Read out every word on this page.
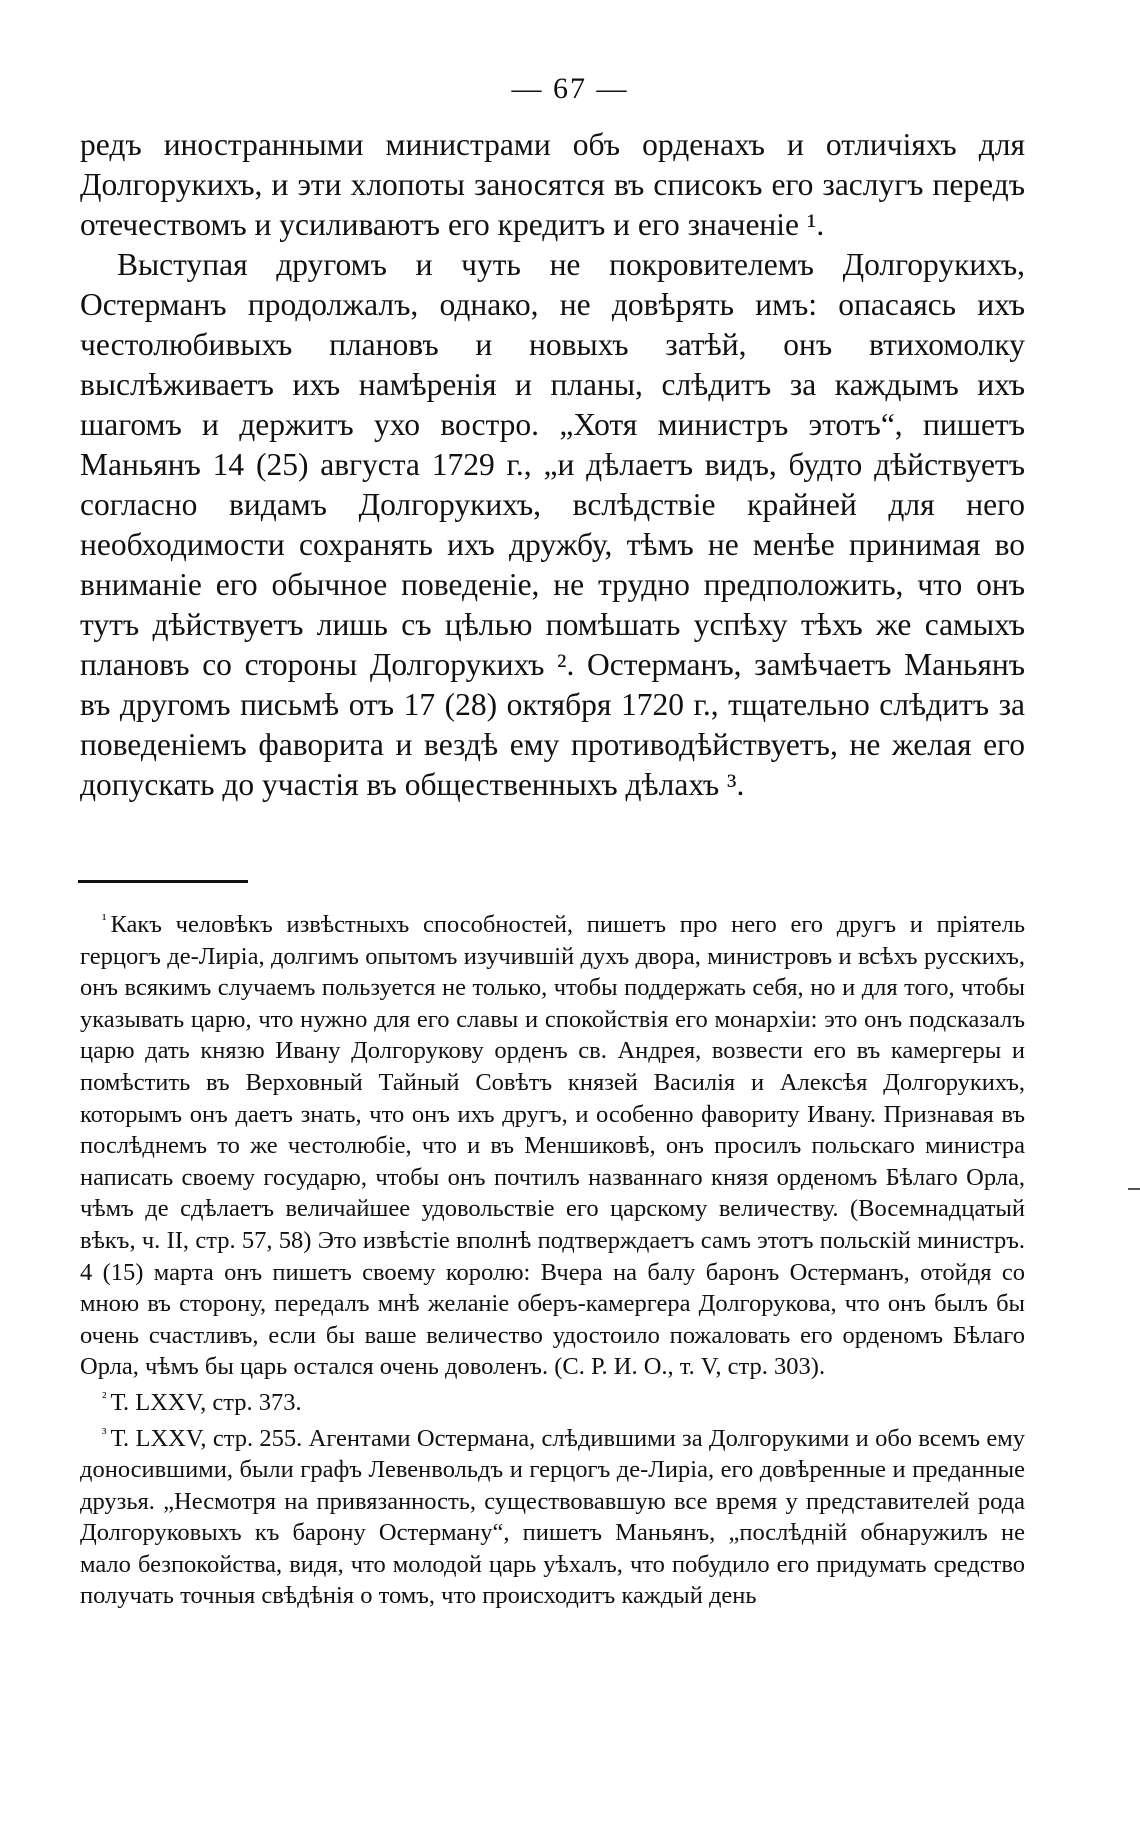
— 67 —

редъ иностранными министрами объ орденахъ и отличіяхъ для Долгорукихъ, и эти хлопоты заносятся въ списокъ его заслугъ передъ отечествомъ и усиливаютъ его кредитъ и его значеніе ¹.

Выступая другомъ и чуть не покровителемъ Долгорукихъ, Остерманъ продолжалъ, однако, не довѣрять имъ: опасаясь ихъ честолюбивыхъ плановъ и новыхъ затѣй, онъ втихомолку выслѣживаетъ ихъ намѣренія и планы, слѣдитъ за каждымъ ихъ шагомъ и держитъ ухо востро. „Хотя министръ этотъ“, пишетъ Маньянъ 14 (25) августа 1729 г., „и дѣлаетъ видъ, будто дѣйствуетъ согласно видамъ Долгорукихъ, вслѣдствіе крайней для него необходимости сохранять ихъ дружбу, тѣмъ не менѣе принимая во вниманіе его обычное поведеніе, не трудно предположить, что онъ тутъ дѣйствуетъ лишь съ цѣлью помѣшать успѣху тѣхъ же самыхъ плановъ со стороны Долгорукихъ ². Остерманъ, замѣчаетъ Маньянъ въ другомъ письмѣ отъ 17 (28) октября 1720 г., тщательно слѣдитъ за поведеніемъ фаворита и вездѣ ему противодѣйствуетъ, не желая его допускать до участія въ общественныхъ дѣлахъ ³.

$^{^1}$ Какъ человѣкъ извѣстныхъ способностей, пишетъ про него его другъ и пріятель герцогъ де-Лиріа, долгимъ опытомъ изучившій духъ двора, министровъ и всѣхъ русскихъ, онъ всякимъ случаемъ пользуется не только, чтобы поддержать себя, но и для того, чтобы указывать царю, что нужно для его славы и спокойствія его монархіи: это онъ подсказалъ царю дать князю Ивану Долгорукову орденъ св. Андрея, возвести его въ камергеры и помѣстить въ Верховный Тайный Совѣтъ князей Василія и Алексѣя Долгорукихъ, которымъ онъ даетъ знать, что онъ ихъ другъ, и особенно фавориту Ивану. Признавая въ послѣднемъ то же честолюбіе, что и въ Меншиковѣ, онъ просилъ польскаго министра написать своему государю, чтобы онъ почтилъ названнаго князя орденомъ Бѣлаго Орла, чѣмъ де сдѣлаетъ величайшее удовольствіе его царскому величеству. (Восемнадцатый вѣкъ, ч. II, стр. 57, 58) Это извѣстіе вполнѣ подтверждаетъ самъ этотъ польскій министръ. 4 (15) марта онъ пишетъ своему королю: Вчера на балу баронъ Остерманъ, отойдя со мною въ сторону, передалъ мнѣ желаніе оберъ-камергера Долгорукова, что онъ былъ бы очень счастливъ, если бы ваше величество удостоило пожаловать его орденомъ Бѣлаго Орла, чѣмъ бы царь остался очень доволенъ. (С. Р. И. О., т. V, стр. 303).

$^{^2}$ Т. LXXV, стр. 373.

$^{^3}$ Т. LXXV, стр. 255. Агентами Остермана, слѣдившими за Долгорукими и обо всемъ ему доносившими, были графъ Левенвольдъ и герцогъ де-Лиріа, его довѣренные и преданные друзья. „Несмотря на привязанность, существовавшую все время у представителей рода Долгоруковыхъ къ барону Остерману“, пишетъ Маньянъ, „послѣдній обнаружилъ не мало безпокойства, видя, что молодой царь уѣхалъ, что побудило его придумать средство получать точныя свѣдѣнія о томъ, что происходитъ каждый день
